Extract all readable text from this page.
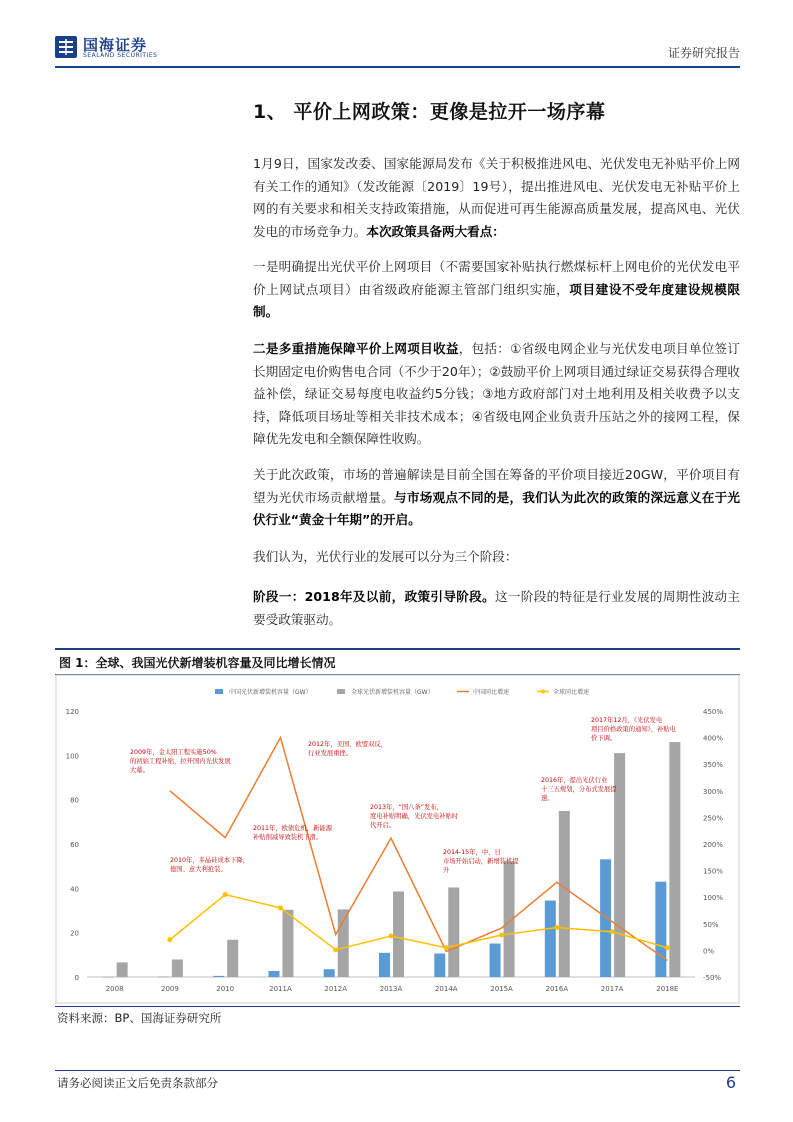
国海证券
SEALAND SECURITIES	证券研究报告
1、 平价上网政策：更像是拉开一场序幕
1月9日，国家发改委、国家能源局发布《关于积极推进风电、光伏发电无补贴平价上网有关工作的通知》（发改能源〔2019〕19号），提出推进风电、光伏发电无补贴平价上网的有关要求和相关支持政策措施，从而促进可再生能源高质量发展，提高风电、光伏发电的市场竞争力。本次政策具备两大看点：
一是明确提出光伏平价上网项目（不需要国家补贴执行燃煤标杆上网电价的光伏发电平价上网试点项目）由省级政府能源主管部门组织实施，项目建设不受年度建设规模限制。
二是多重措施保障平价上网项目收益，包括：①省级电网企业与光伏发电项目单位签订长期固定电价购售电合同（不少于20年）；②鼓励平价上网项目通过绿证交易获得合理收益补偿，绿证交易每度电收益约5分钱；③地方政府部门对土地利用及相关收费予以支持，降低项目场址等相关非技术成本；④省级电网企业负责升压站之外的接网工程，保障优先发电和全额保障性收购。
关于此次政策，市场的普遍解读是目前全国在筹备的平价项目接近20GW，平价项目有望为光伏市场贡献增量。与市场观点不同的是，我们认为此次的政策的深远意义在于光伏行业“黄金十年期”的开启。
我们认为，光伏行业的发展可以分为三个阶段：
阶段一：2018年及以前，政策引导阶段。这一阶段的特征是行业发展的周期性波动主要受政策驱动。
图 1：全球、我国光伏新增装机容量及同比增长情况
0
20
40
60
80
100
120
-50%
0%
50%
100%
150%
200%
250%
300%
350%
400%
450%
2008	2009	2010	2011A	2012A	2013A	2014A	2015A	2016A	2017A	2018E
中国光伏新增装机容量（GW）	全球光伏新增装机容量（GW）	中国同比增速	全球同比增速
2009年，金太阳工程实施50%的初始工程补贴，拉开国内光伏发展大幕。
2010年，多晶硅成本下降，德国、意大利抢装。
2011年，欧债危机，新能源补贴削减导致装机下滑。
2012年，美国、欧盟双反，行业发展重挫。
2013年，“国八条”发布，度电补贴明确，光伏发电补贴时代开启。
2014-15年，中、日市场开始启动，新增装机提升
2016年，提出光伏行业十三五规划，分布式发展提速。
2017年12月，《光伏发电项目价格政策的通知》，补贴电价下调。
资料来源：BP、国海证券研究所
请务必阅读正文后免责条款部分	6
